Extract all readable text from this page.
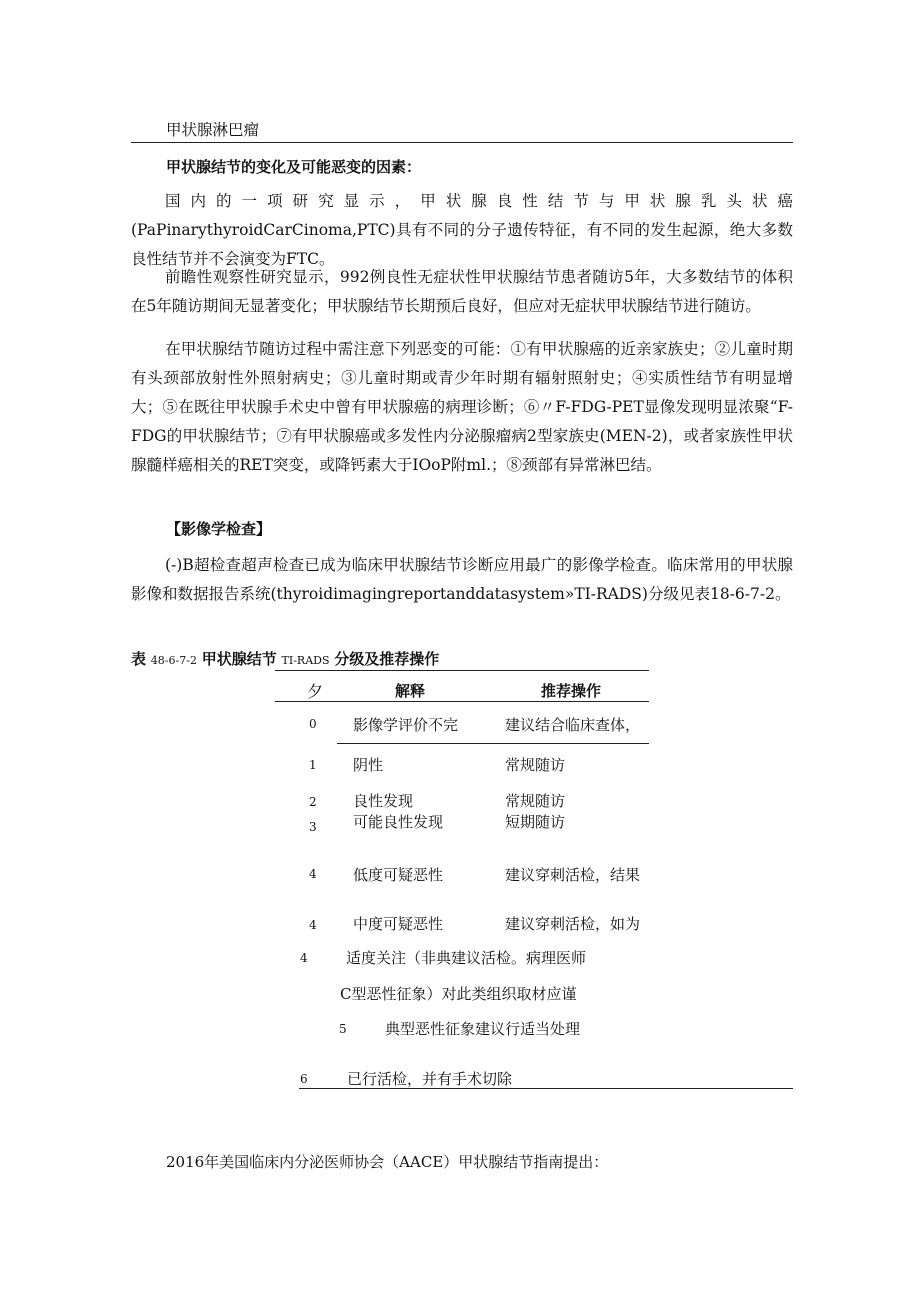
甲状腺淋巴瘤
甲状腺结节的变化及可能恶变的因素：
国内的一项研究显示，甲状腺良性结节与甲状腺乳头状癌(PaPinarythyroidCarCinoma,PTC)具有不同的分子遗传特征，有不同的发生起源，绝大多数良性结节并不会演变为FTC。
前瞻性观察性研究显示，992例良性无症状性甲状腺结节患者随访5年，大多数结节的体积在5年随访期间无显著变化；甲状腺结节长期预后良好，但应对无症状甲状腺结节进行随访。
在甲状腺结节随访过程中需注意下列恶变的可能：①有甲状腺癌的近亲家族史；②儿童时期有头颈部放射性外照射病史；③儿童时期或青少年时期有辐射照射史；④实质性结节有明显增大；⑤在既往甲状腺手术史中曾有甲状腺癌的病理诊断；⑥〃F-FDG-PET显像发现明显浓聚“F-FDG的甲状腺结节；⑦有甲状腺癌或多发性内分泌腺瘤病2型家族史(MEN-2)，或者家族性甲状腺髓样癌相关的RET突变，或降钙素大于IOoP附ml.；⑧颈部有异常淋巴结。
【影像学检查】
(-)B超检查超声检查已成为临床甲状腺结节诊断应用最广的影像学检查。临床常用的甲状腺影像和数据报告系统(thyroidimagingreportanddatasystem»TI-RADS)分级见表18-6-7-2。
表 48-6-7-2 甲状腺结节 TI-RADS 分级及推荐操作
夕	解释	推荐操作
0 影像学评价不完	建议结合临床查体，
1 阴性	常规随访
2 良性发现	常规随访
3 可能良性发现	短期随访
4 低度可疑恶性	建议穿刺活检，结果
4 中度可疑恶性	建议穿刺活检，如为
4	适度关注（非典建议活检。病理医师
C型恶性征象）对此类组织取材应谨
5	典型恶性征象建议行适当处理
6	已行活检，并有手术切除
2016年美国临床内分泌医师协会（AACE）甲状腺结节指南提出：
